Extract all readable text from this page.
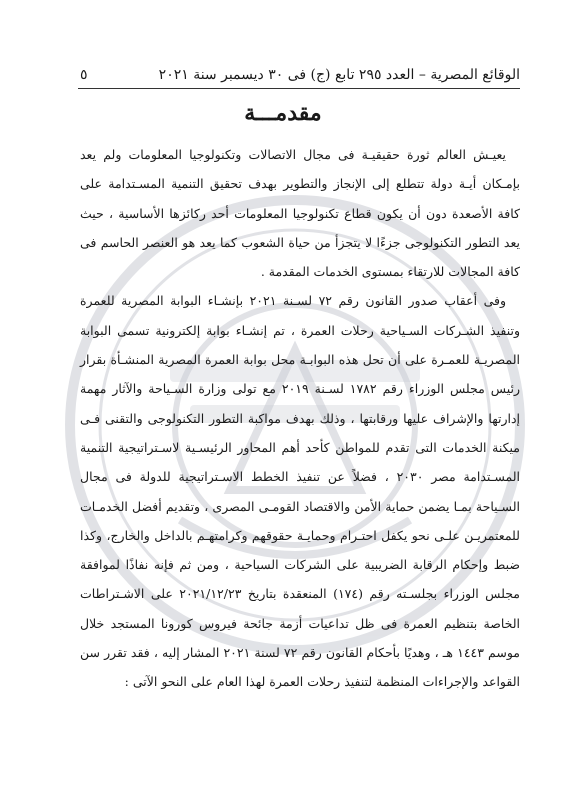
الوقائع المصرية – العدد ٢٩٥ تابع (ج) فى ٣٠ ديسمبر سنة ٢٠٢١
٥
مقدمـــة

يعيـش العالم ثورة حقيقيـة فى مجال الاتصالات وتكنولوجيا المعلومات ولم يعد بإمـكان أيـة دولة تتطلع إلى الإنجاز والتطوير بهدف تحقيق التنمية المسـتدامة على كافة الأصعدة دون أن يكون قطاع تكنولوجيا المعلومات أحد ركائزها الأساسية ، حيث يعد التطور التكنولوجى جزءًا لا يتجزأ من حياة الشعوب كما يعد هو العنصر الحاسم فى كافة المجالات للارتقاء بمستوى الخدمات المقدمة .

وفى أعقاب صدور القانون رقم ٧٢ لسـنة ٢٠٢١ بإنشـاء البوابة المصرية للعمرة وتنفيذ الشـركات السـياحية رحلات العمرة ، تم إنشـاء بوابة إلكترونية تسمى البوابة المصريـة للعمـرة على أن تحل هذه البوابـة محل بوابة العمرة المصرية المنشـأة بقرار رئيس مجلس الوزراء رقم ١٧٨٢ لسـنة ٢٠١٩ مع تولى وزارة السـياحة والآثار مهمة إدارتها والإشراف عليها ورقابتها ، وذلك بهدف مواكبة التطور التكنولوجى والتقنى فـى ميكنة الخدمات التى تقدم للمواطن كأحد أهم المحاور الرئيسـية لاسـتراتيجية التنمية المسـتدامة مصر ٢٠٣٠ ، فضلاً عن تنفيذ الخطط الاسـتراتيجية للدولة فى مجال السـياحة بمـا يضمن حماية الأمن والاقتصاد القومـى المصرى ، وتقديم أفضل الخدمـات للمعتمريـن علـى نحو يكفل احتـرام وحمايـة حقوقهم وكرامتهـم بالداخل والخارج، وكذا ضبط وإحكام الرقابة الضريبية على الشركات السياحية ، ومن ثم فإنه نفاذًا لموافقة مجلس الوزراء بجلسـته رقم (١٧٤) المنعقدة بتاريخ ٢٠٢١/١٢/٢٣ على الاشـتراطات الخاصة بتنظيم العمرة فى ظل تداعيات أزمة جائحة فيروس كورونا المستجد خلال موسم ١٤٤٣ هـ ، وهديًا بأحكام القانون رقم ٧٢ لسنة ٢٠٢١ المشار إليه ، فقد تقرر سن القواعد والإجراءات المنظمة لتنفيذ رحلات العمرة لهذا العام على النحو الآتى :
